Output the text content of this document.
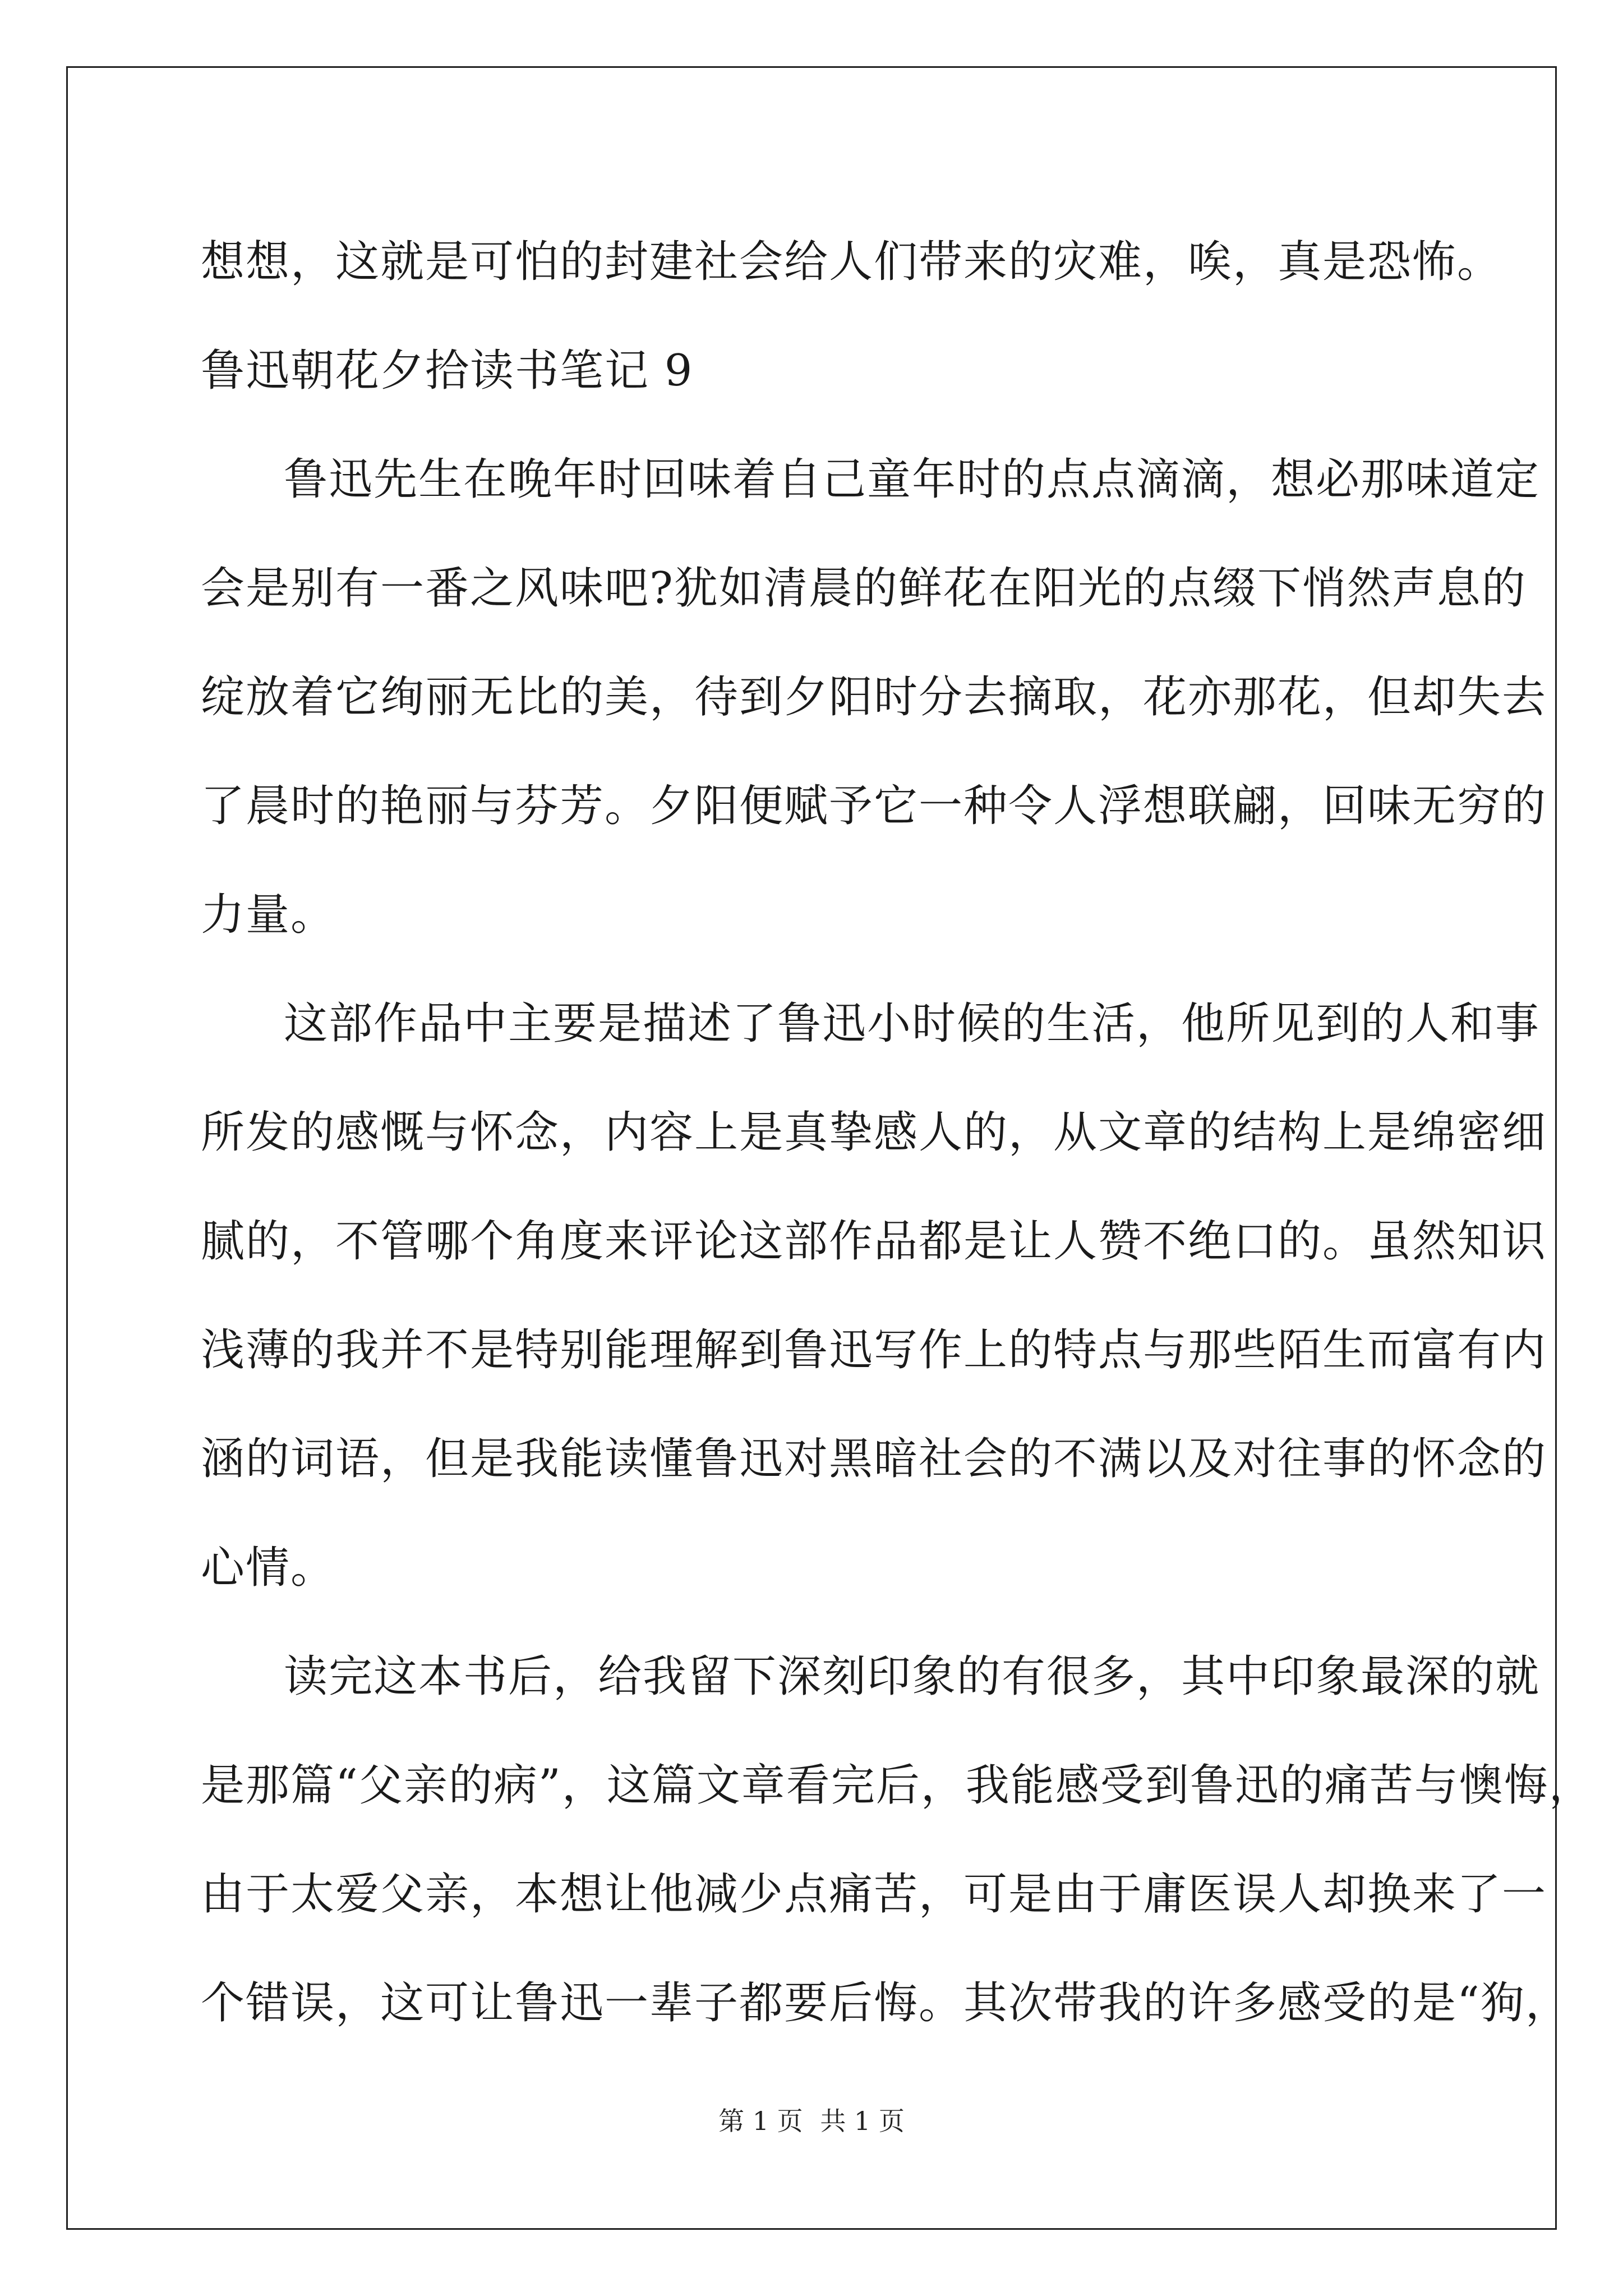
想想，这就是可怕的封建社会给人们带来的灾难，唉，真是恐怖。
鲁迅朝花夕拾读书笔记 9
鲁迅先生在晚年时回味着自己童年时的点点滴滴，想必那味道定
会是别有一番之风味吧?犹如清晨的鲜花在阳光的点缀下悄然声息的
绽放着它绚丽无比的美，待到夕阳时分去摘取，花亦那花，但却失去
了晨时的艳丽与芬芳。夕阳便赋予它一种令人浮想联翩，回味无穷的
力量。
这部作品中主要是描述了鲁迅小时候的生活，他所见到的人和事
所发的感慨与怀念，内容上是真挚感人的，从文章的结构上是绵密细
腻的，不管哪个角度来评论这部作品都是让人赞不绝口的。虽然知识
浅薄的我并不是特别能理解到鲁迅写作上的特点与那些陌生而富有内
涵的词语，但是我能读懂鲁迅对黑暗社会的不满以及对往事的怀念的
心情。
读完这本书后，给我留下深刻印象的有很多，其中印象最深的就
是那篇“父亲的病”，这篇文章看完后，我能感受到鲁迅的痛苦与懊悔，
由于太爱父亲，本想让他减少点痛苦，可是由于庸医误人却换来了一
个错误，这可让鲁迅一辈子都要后悔。其次带我的许多感受的是“狗，
第 1 页 共 1 页
